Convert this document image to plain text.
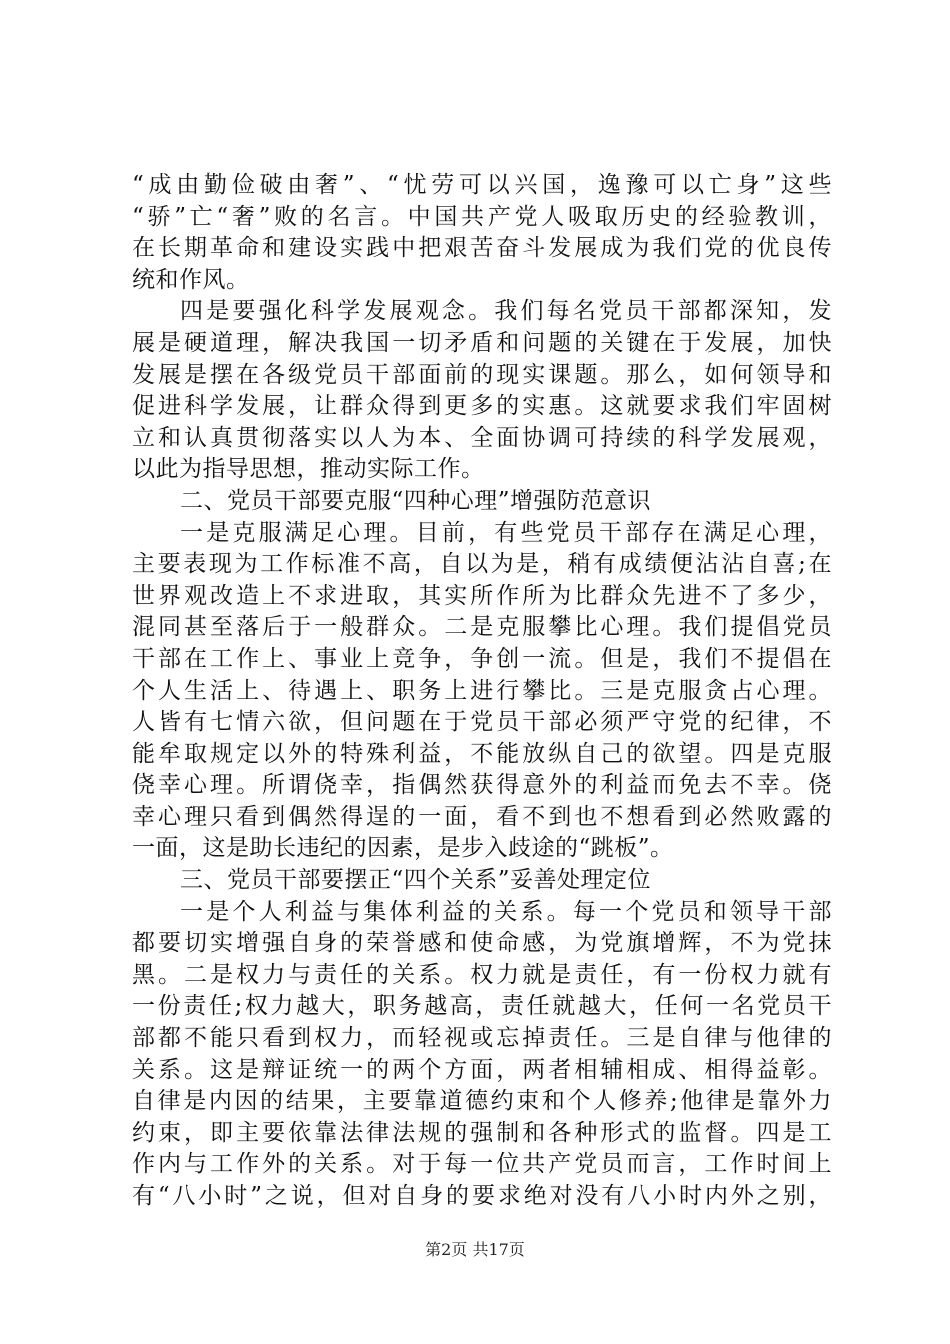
“成由勤俭破由奢”、“忧劳可以兴国，逸豫可以亡身”这些
“骄”亡“奢”败的名言。中国共产党人吸取历史的经验教训，
在长期革命和建设实践中把艰苦奋斗发展成为我们党的优良传
统和作风。
四是要强化科学发展观念。我们每名党员干部都深知，发
展是硬道理，解决我国一切矛盾和问题的关键在于发展，加快
发展是摆在各级党员干部面前的现实课题。那么，如何领导和
促进科学发展，让群众得到更多的实惠。这就要求我们牢固树
立和认真贯彻落实以人为本、全面协调可持续的科学发展观，
以此为指导思想，推动实际工作。
二、党员干部要克服“四种心理”增强防范意识
一是克服满足心理。目前，有些党员干部存在满足心理，
主要表现为工作标准不高，自以为是，稍有成绩便沾沾自喜;在
世界观改造上不求进取，其实所作所为比群众先进不了多少，
混同甚至落后于一般群众。二是克服攀比心理。我们提倡党员
干部在工作上、事业上竞争，争创一流。但是，我们不提倡在
个人生活上、待遇上、职务上进行攀比。三是克服贪占心理。
人皆有七情六欲，但问题在于党员干部必须严守党的纪律，不
能牟取规定以外的特殊利益，不能放纵自己的欲望。四是克服
侥幸心理。所谓侥幸，指偶然获得意外的利益而免去不幸。侥
幸心理只看到偶然得逞的一面，看不到也不想看到必然败露的
一面，这是助长违纪的因素，是步入歧途的“跳板”。
三、党员干部要摆正“四个关系”妥善处理定位
一是个人利益与集体利益的关系。每一个党员和领导干部
都要切实增强自身的荣誉感和使命感，为党旗增辉，不为党抹
黑。二是权力与责任的关系。权力就是责任，有一份权力就有
一份责任;权力越大，职务越高，责任就越大，任何一名党员干
部都不能只看到权力，而轻视或忘掉责任。三是自律与他律的
关系。这是辩证统一的两个方面，两者相辅相成、相得益彰。
自律是内因的结果，主要靠道德约束和个人修养;他律是靠外力
约束，即主要依靠法律法规的强制和各种形式的监督。四是工
作内与工作外的关系。对于每一位共产党员而言，工作时间上
有“八小时”之说，但对自身的要求绝对没有八小时内外之别，
第2页 共17页
